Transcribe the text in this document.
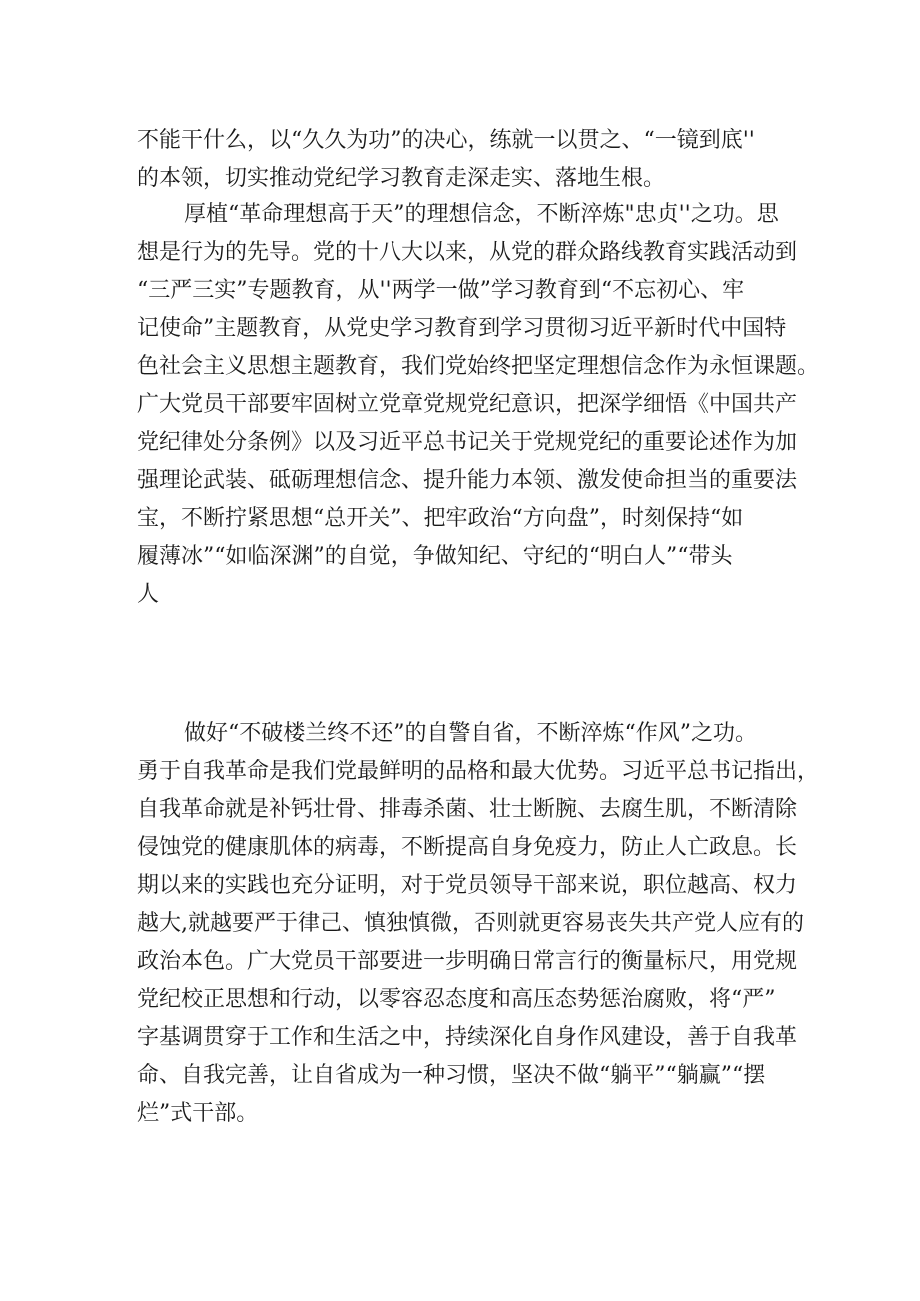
不能干什么，以“久久为功”的决心，练就一以贯之、“一镜到底''
的本领，切实推动党纪学习教育走深走实、落地生根。
厚植“革命理想高于天”的理想信念，不断淬炼"忠贞''之功。思
想是行为的先导。党的十八大以来，从党的群众路线教育实践活动到
“三严三实”专题教育，从''两学一做”学习教育到“不忘初心、牢
记使命”主题教育，从党史学习教育到学习贯彻习近平新时代中国特
色社会主义思想主题教育，我们党始终把坚定理想信念作为永恒课题。
广大党员干部要牢固树立党章党规党纪意识，把深学细悟《中国共产
党纪律处分条例》以及习近平总书记关于党规党纪的重要论述作为加
强理论武装、砥砺理想信念、提升能力本领、激发使命担当的重要法
宝，不断拧紧思想“总开关”、把牢政治“方向盘”，时刻保持“如
履薄冰”“如临深渊”的自觉，争做知纪、守纪的“明白人”“带头
人
做好“不破楼兰终不还”的自警自省，不断淬炼“作风”之功。
勇于自我革命是我们党最鲜明的品格和最大优势。习近平总书记指出，
自我革命就是补钙壮骨、排毒杀菌、壮士断腕、去腐生肌，不断清除
侵蚀党的健康肌体的病毒，不断提高自身免疫力，防止人亡政息。长
期以来的实践也充分证明，对于党员领导干部来说，职位越高、权力
越大,就越要严于律己、慎独慎微，否则就更容易丧失共产党人应有的
政治本色。广大党员干部要进一步明确日常言行的衡量标尺，用党规
党纪校正思想和行动，以零容忍态度和高压态势惩治腐败，将“严”
字基调贯穿于工作和生活之中，持续深化自身作风建设，善于自我革
命、自我完善，让自省成为一种习惯，坚决不做“躺平”“躺赢”“摆
烂”式干部。
